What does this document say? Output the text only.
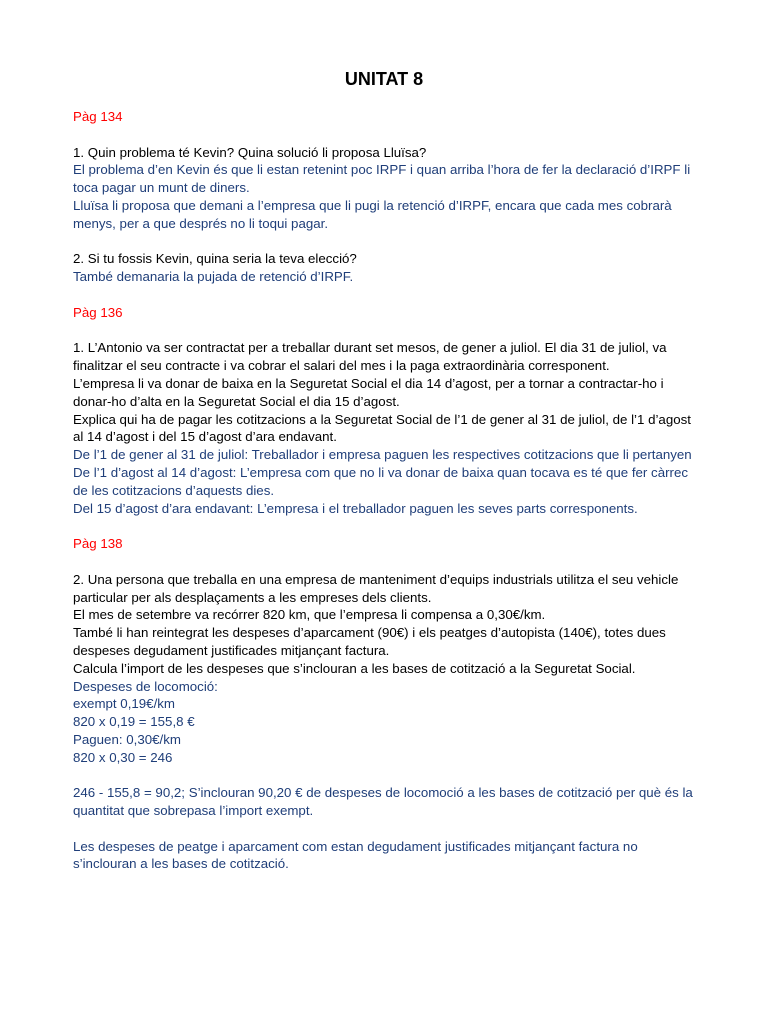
UNITAT 8

Pàg 134

1. Quin problema té Kevin? Quina solució li proposa Lluïsa?

El problema d’en Kevin és que li estan retenint poc IRPF i quan arriba l’hora de fer la declaració d’IRPF li toca pagar un munt de diners.

Lluïsa li proposa que demani a l’empresa que li pugi la retenció d’IRPF, encara que cada mes cobrarà menys, per a que després no li toqui pagar.

2. Si tu fossis Kevin, quina seria la teva elecció?

També demanaria la pujada de retenció d’IRPF.

Pàg 136

1. L’Antonio va ser contractat per a treballar durant set mesos, de gener a juliol. El dia 31 de juliol, va finalitzar el seu contracte i va cobrar el salari del mes i la paga extraordinària corresponent.

L’empresa li va donar de baixa en la Seguretat Social el dia 14 d’agost, per a tornar a contractar-ho i donar-ho d’alta en la Seguretat Social el dia 15 d’agost.

Explica qui ha de pagar les cotitzacions a la Seguretat Social de l’1 de gener al 31 de juliol, de l’1 d’agost al 14 d’agost i del 15 d’agost d’ara endavant.

De l’1 de gener al 31 de juliol: Treballador i empresa paguen les respectives cotitzacions que li pertanyen

De l’1 d’agost al 14 d’agost: L’empresa com que no li va donar de baixa quan tocava es té que fer càrrec de les cotitzacions d’aquests dies.

Del 15 d’agost d’ara endavant: L’empresa i el treballador paguen les seves parts corresponents.

Pàg 138

2. Una persona que treballa en una empresa de manteniment d’equips industrials utilitza el seu vehicle particular per als desplaçaments a les empreses dels clients.

El mes de setembre va recórrer 820 km, que l’empresa li compensa a 0,30€/km.

També li han reintegrat les despeses d’aparcament (90€) i els peatges d’autopista (140€), totes dues despeses degudament justificades mitjançant factura.

Calcula l’import de les despeses que s’inclouran a les bases de cotització a la Seguretat Social.

Despeses de locomoció:

exempt 0,19€/km

820 x 0,19 = 155,8 €

Paguen: 0,30€/km

820 x 0,30 = 246

246 - 155,8 = 90,2; S’inclouran 90,20 € de despeses de locomoció a les bases de cotització per què és la quantitat que sobrepasa l’import exempt.

Les despeses de peatge i aparcament com estan degudament justificades mitjançant factura no s’inclouran a les bases de cotització.
